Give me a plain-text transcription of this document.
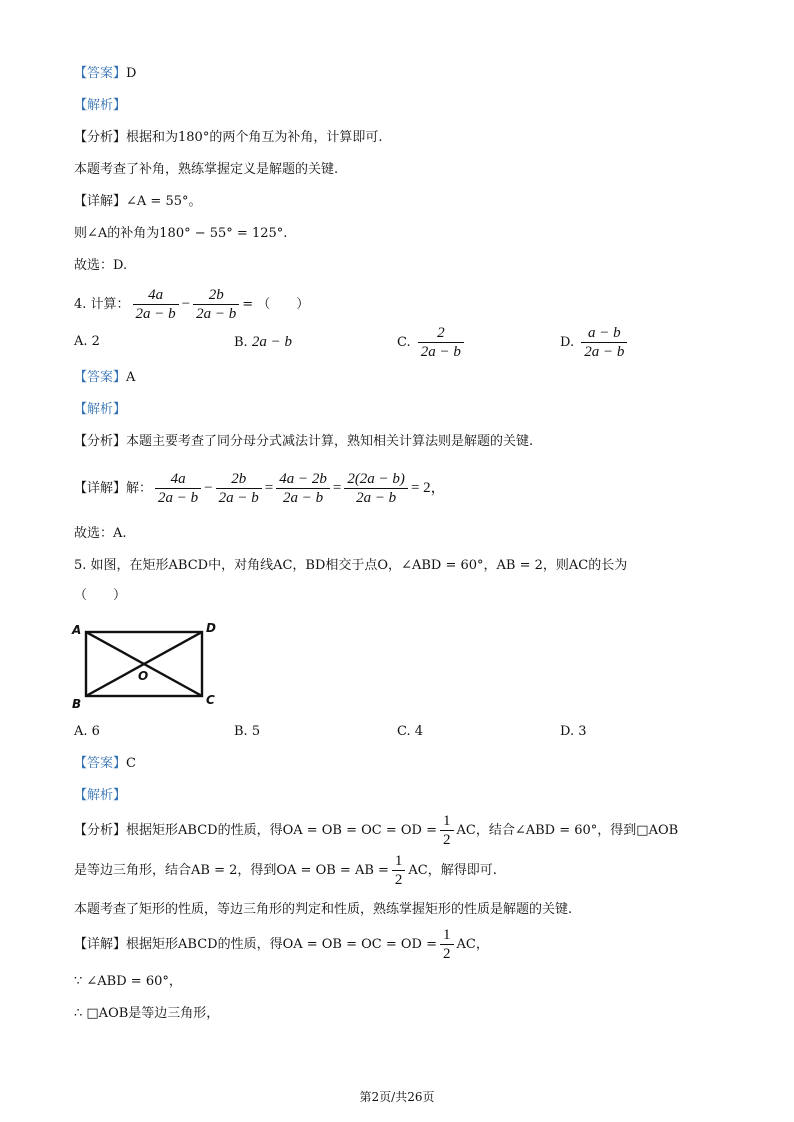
【答案】D
【解析】
【分析】根据和为180°的两个角互为补角，计算即可.
本题考查了补角，熟练掌握定义是解题的关键.
【详解】∠A = 55°。
则∠A的补角为180° − 55° = 125°.
故选：D.
4. 计算： $\frac{4a}{2a - b} - \frac{2b}{2a - b}$ = （　　）
A. 2	B. 2a − b	C. $\frac{2}{2a - b}$	D. $\frac{a - b}{2a - b}$
【答案】A
【解析】
【分析】本题主要考查了同分母分式减法计算，熟知相关计算法则是解题的关键.
【详解】解： $\frac{4a}{2a - b} - \frac{2b}{2a - b} = \frac{4a - 2b}{2a - b} = \frac{2(2a - b)}{2a - b} = 2$，
故选：A.
5. 如图，在矩形ABCD中，对角线AC，BD相交于点O，∠ABD = 60°，AB = 2，则AC的长为
（　　）
A	D
B	C
O
A. 6	B. 5	C. 4	D. 3
【答案】C
【解析】
【分析】根据矩形ABCD的性质，得OA = OB = OC = OD = $\frac{1}{2}$ AC，结合∠ABD = 60°，得到□AOB
是等边三角形，结合AB = 2，得到OA = OB = AB = $\frac{1}{2}$ AC，解得即可.
本题考查了矩形的性质，等边三角形的判定和性质，熟练掌握矩形的性质是解题的关键.
【详解】根据矩形ABCD的性质，得OA = OB = OC = OD = $\frac{1}{2}$ AC，
∵ ∠ABD = 60°，
∴ □AOB是等边三角形，
第2页/共26页
